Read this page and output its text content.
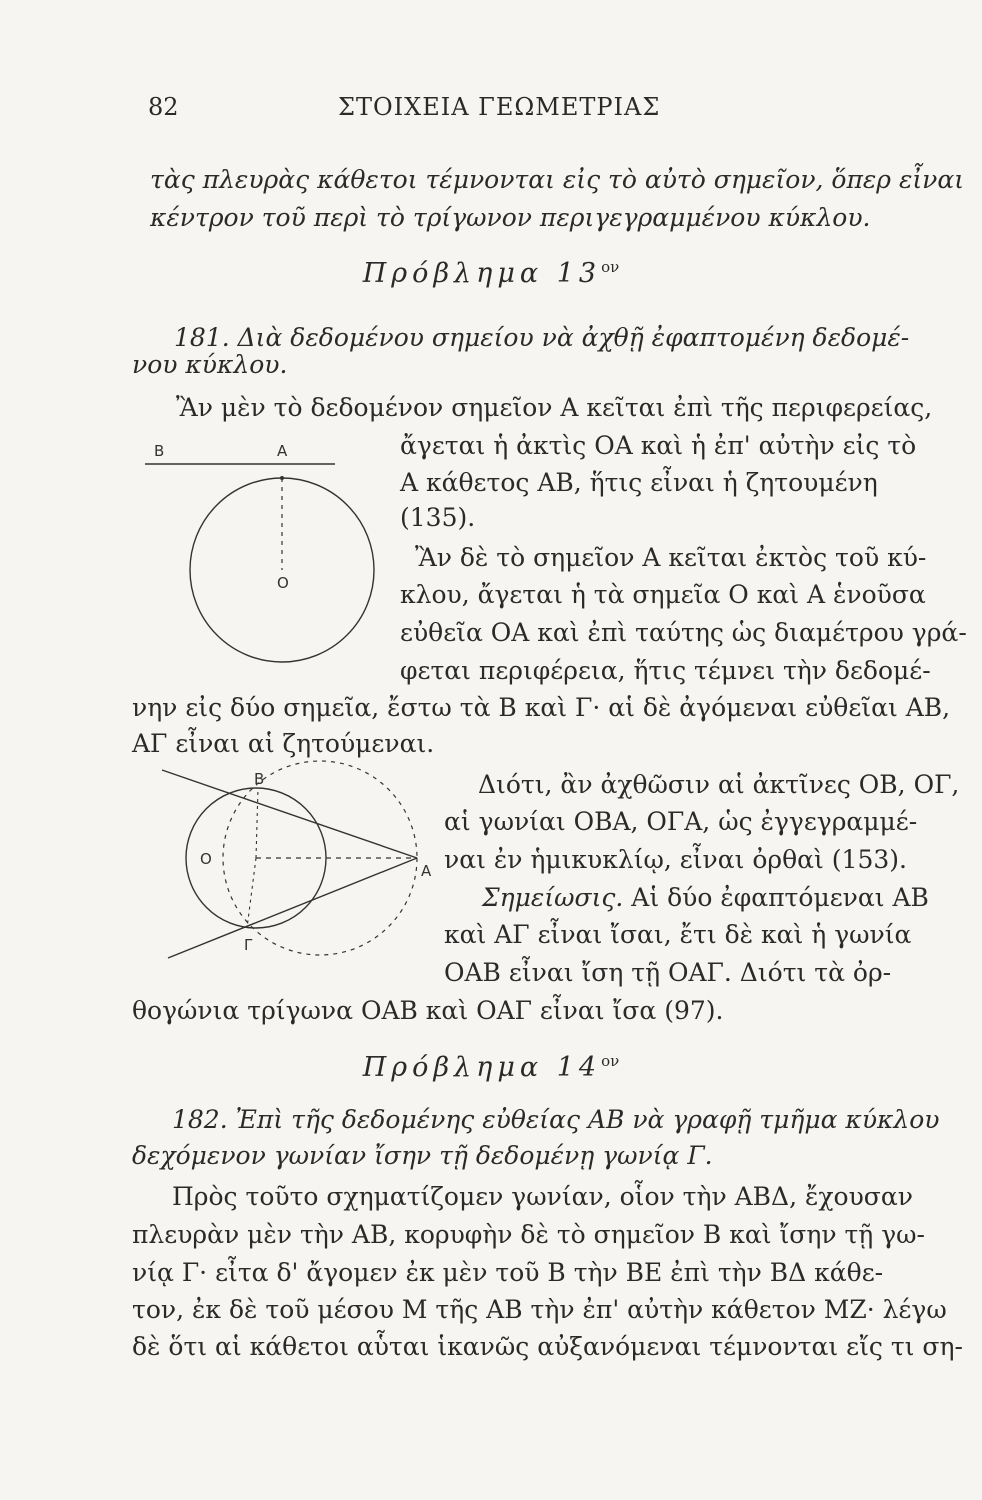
82	ΣΤΟΙΧΕΙΑ ΓΕΩΜΕΤΡΙΑΣ
τὰς πλευρὰς κάθετοι τέμνονται εἰς τὸ αὐτὸ σημεῖον, ὅπερ εἶναι
κέντρον τοῦ περὶ τὸ τρίγωνον περιγεγραμμένου κύκλου.
Πρόβλημα $13^{o\nu}$
181. Διὰ δεδομένου σημείου νὰ ἀχθῇ ἐφαπτομένη δεδομέ-
νου κύκλου.
Ἂν μὲν τὸ δεδομένον σημεῖον Α κεῖται ἐπὶ τῆς περιφερείας,
ἄγεται ἡ ἀκτὶς ΟΑ καὶ ἡ ἐπ' αὐτὴν εἰς τὸ
Α κάθετος ΑΒ, ἥτις εἶναι ἡ ζητουμένη
(135).
Ἂν δὲ τὸ σημεῖον Α κεῖται ἐκτὸς τοῦ κύ-
κλου, ἄγεται ἡ τὰ σημεῖα Ο καὶ Α ἑνοῦσα
εὐθεῖα ΟΑ καὶ ἐπὶ ταύτης ὡς διαμέτρου γρά-
φεται περιφέρεια, ἥτις τέμνει τὴν δεδομέ-
νην εἰς δύο σημεῖα, ἔστω τὰ Β καὶ Γ· αἱ δὲ ἀγόμεναι εὐθεῖαι ΑΒ,
ΑΓ εἶναι αἱ ζητούμεναι.
Διότι, ἂν ἀχθῶσιν αἱ ἀκτῖνες ΟΒ, ΟΓ,
αἱ γωνίαι ΟΒΑ, ΟΓΑ, ὡς ἐγγεγραμμέ-
ναι ἐν ἡμικυκλίῳ, εἶναι ὀρθαὶ (153).
Σημείωσις. Αἱ δύο ἐφαπτόμεναι ΑΒ
καὶ ΑΓ εἶναι ἴσαι, ἔτι δὲ καὶ ἡ γωνία
ΟΑΒ εἶναι ἴση τῇ ΟΑΓ. Διότι τὰ ὀρ-
θογώνια τρίγωνα ΟΑΒ καὶ ΟΑΓ εἶναι ἴσα (97).
Πρόβλημα $14^{o\nu}$
182. Ἐπὶ τῆς δεδομένης εὐθείας ΑΒ νὰ γραφῇ τμῆμα κύκλου
δεχόμενον γωνίαν ἴσην τῇ δεδομένῃ γωνίᾳ Γ.
Πρὸς τοῦτο σχηματίζομεν γωνίαν, οἷον τὴν ΑΒΔ, ἔχουσαν
πλευρὰν μὲν τὴν ΑΒ, κορυφὴν δὲ τὸ σημεῖον Β καὶ ἴσην τῇ γω-
νίᾳ Γ· εἶτα δ' ἄγομεν ἐκ μὲν τοῦ Β τὴν ΒΕ ἐπὶ τὴν ΒΔ κάθε-
τον, ἐκ δὲ τοῦ μέσου Μ τῆς ΑΒ τὴν ἐπ' αὐτὴν κάθετον ΜΖ· λέγω
δὲ ὅτι αἱ κάθετοι αὗται ἱκανῶς αὐξανόμεναι τέμνονται εἴς τι ση-
Β	Α
Ο
Β
Ο
Α
Γ
